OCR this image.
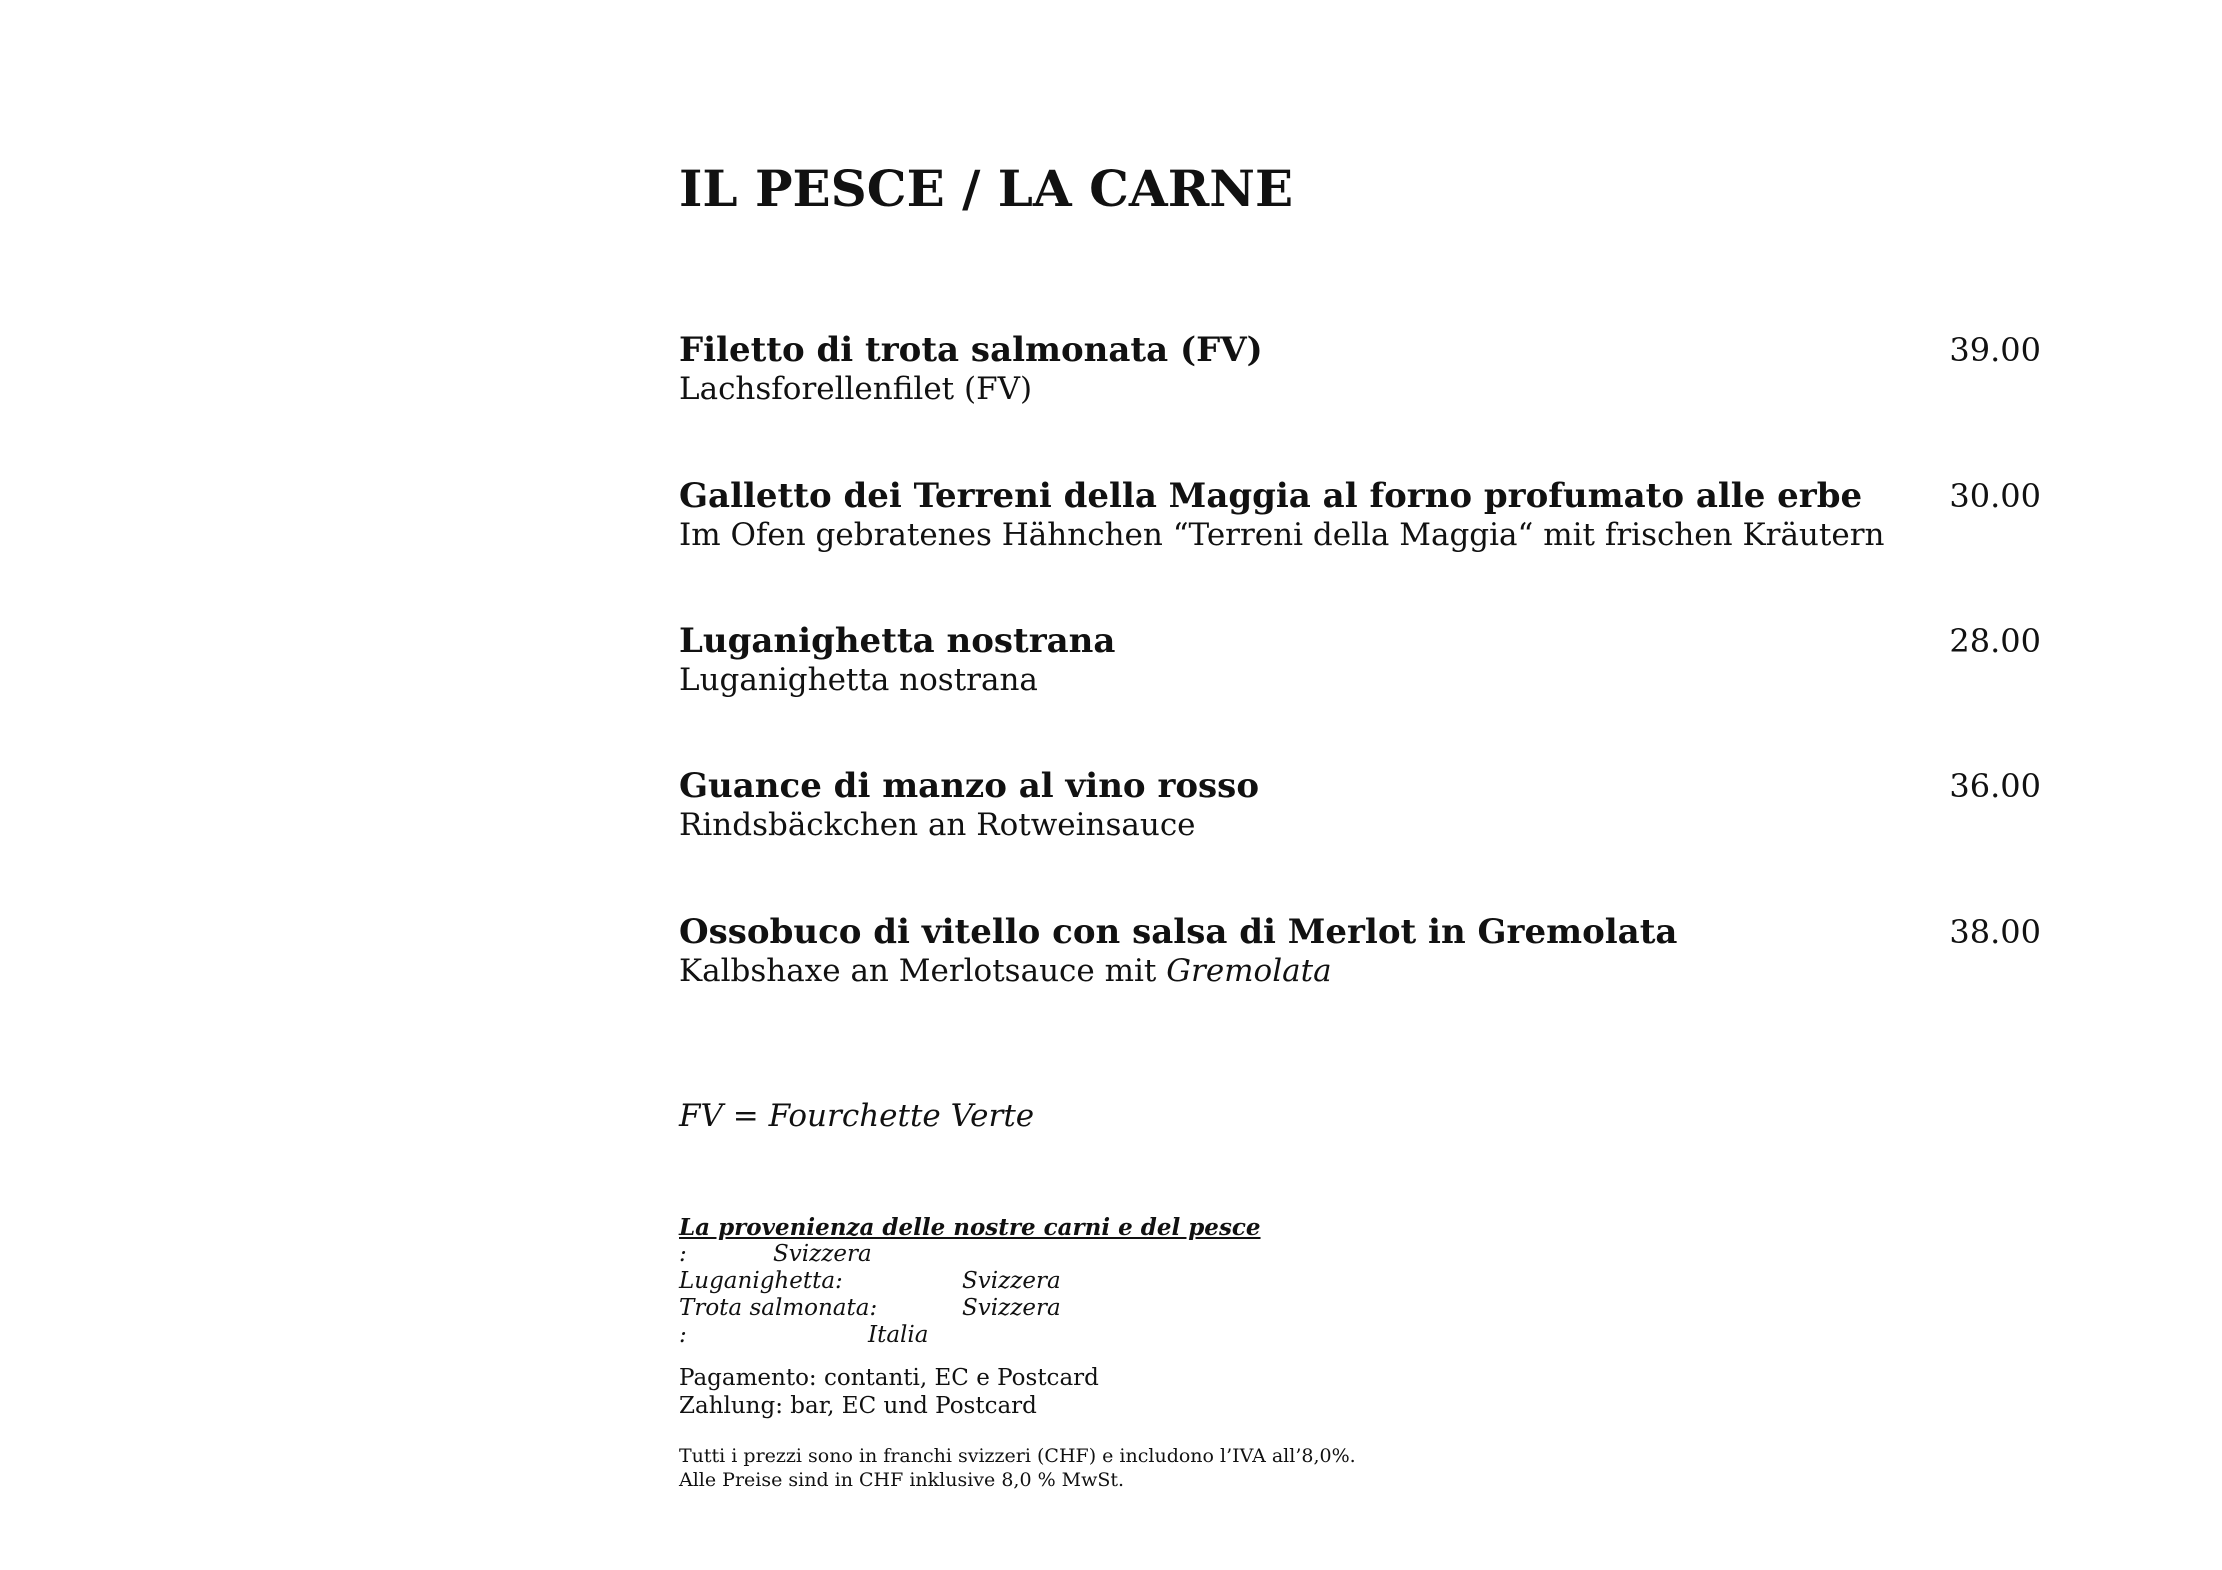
IL PESCE / LA CARNE
Filetto di trota salmonata (FV)
Lachsforellenfilet (FV)
39.00
Galletto dei Terreni della Maggia al forno profumato alle erbe
Im Ofen gebratenes Hähnchen “Terreni della Maggia“ mit frischen Kräutern
30.00
Luganighetta nostrana
Luganighetta nostrana
28.00
Guance di manzo al vino rosso
Rindsbäckchen an Rotweinsauce
36.00
Ossobuco di vitello con salsa di Merlot in Gremolata
Kalbshaxe an Merlotsauce mit Gremolata
38.00
FV = Fourchette Verte
La provenienza delle nostre carni e del pesce
:	Svizzera
Luganighetta:	Svizzera
Trota salmonata:	Svizzera
:	Italia
Pagamento: contanti, EC e Postcard
Zahlung: bar, EC und Postcard
Tutti i prezzi sono in franchi svizzeri (CHF) e includono l’IVA all’8,0%.
Alle Preise sind in CHF inklusive 8,0 % MwSt.
